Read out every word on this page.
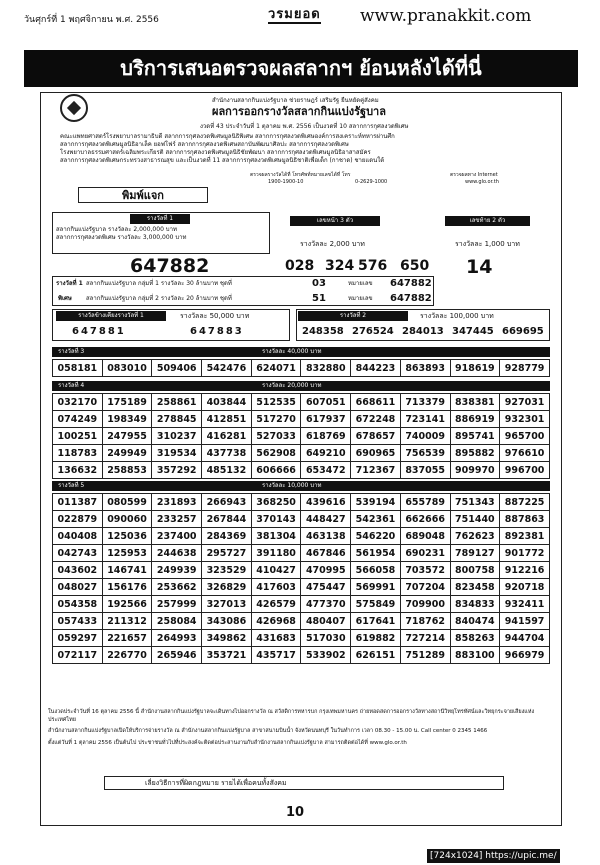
วันศุกร์ที่ 1 พฤศจิกายน พ.ศ. 2556	วรมยอด www.pranakkit.com
บริการเสนอตรวจผลสลากฯ ย้อนหลังได้ที่นี่
สำนักงานสลากกินแบ่งรัฐบาล ช่วยราษฎร์ เสริมรัฐ ยืนหยัดคู่สังคม
ผลการออกรางวัลสลากกินแบ่งรัฐบาล
งวดที่ 43 ประจำวันที่ 1 ตุลาคม พ.ศ. 2556 เป็นงวดที่ 10 สลากการกุศลงวดพิเศษ
คณะแพทยศาสตร์โรงพยาบาลรามาธิบดี สลากการกุศลงวดพิเศษมูลนิธิพิเศษ สลากการกุศลงวดพิเศษองค์การสงเคราะห์ทหารผ่านศึก
สลากการกุศลงวดพิเศษมูลนิธิอาเล็ค ยอฟโฟร์ สลากการกุศลงวดพิเศษสถาบันพัฒนาศิลปะ สลากการกุศลงวดพิเศษ
โรงพยาบาลธรรมศาสตร์เฉลิมพระเกียรติ สลากการกุศลงวดพิเศษมูลนิธิชัยพัฒนา สลากการกุศลงวดพิเศษมูลนิธิอาสาสมัคร
สลากการกุศลงวดพิเศษกระทรวงสาธารณสุข และเป็นงวดที่ 11 สลากการกุศลงวดพิเศษมูลนิธิชาติเพื่อเด็ก (กาชาด) ชายแดนใต้
ตรวจผลรางวัลได้ที่ โทรศัพท์หมายเลขได้ที่ โทร
1900-1900-10	0-2629-1000
ตรวจผลทาง Internet
www.glo.or.th
พิมพ์แจก
รางวัลที่ 1
สลากกินแบ่งรัฐบาล รางวัลละ 2,000,000 บาท
สลากการกุศลงวดพิเศษ รางวัลละ 3,000,000 บาท
647882
เลขหน้า 3 ตัว
รางวัลละ 2,000 บาท
028 324 576 650
เลขท้าย 2 ตัว
รางวัลละ 1,000 บาท
14
รางวัลที่ 1
พิเศษ
สลากกินแบ่งรัฐบาล กลุ่มที่ 1 รางวัลละ 30 ล้านบาท ชุดที่
สลากกินแบ่งรัฐบาล กลุ่มที่ 2 รางวัลละ 20 ล้านบาท ชุดที่
03
51
หมายเลข
หมายเลข
647882
647882
รางวัลข้างเคียงรางวัลที่ 1	รางวัลละ 50,000 บาท
647881	647883
รางวัลที่ 2	รางวัลละ 100,000 บาท
248358 276524 284013 347445 669695
รางวัลที่ 3	รางวัลละ 40,000 บาท
058181	083010	509406	542476	624071	832880	844223	863893	918619	928779
รางวัลที่ 4	รางวัลละ 20,000 บาท
032170	175189	258861	403844	512535	607051	668611	713379	838381	927031
074249	198349	278845	412851	517270	617937	672248	723141	886919	932301
100251	247955	310237	416281	527033	618769	678657	740009	895741	965700
118783	249949	319534	437738	562908	649210	690965	756539	895882	976610
136632	258853	357292	485132	606666	653472	712367	837055	909970	996700
รางวัลที่ 5	รางวัลละ 10,000 บาท
011387	080599	231893	266943	368250	439616	539194	655789	751343	887225
022879	090060	233257	267844	370143	448427	542361	662666	751440	887863
040408	125036	237400	284369	381304	463138	546220	689048	762623	892381
042743	125953	244638	295727	391180	467846	561954	690231	789127	901772
043602	146741	249939	323529	410427	470995	566058	703572	800758	912216
048027	156176	253662	326829	417603	475447	569991	707204	823458	920718
054358	192566	257999	327013	426579	477370	575849	709900	834833	932411
057433	211312	258084	343086	426968	480407	617641	718762	840474	941597
059297	221657	264993	349862	431683	517030	619882	727214	858263	944704
072117	226770	265946	353721	435717	533902	626151	751289	883100	966979

ในงวดประจำวันที่ 16 ตุลาคม 2556 นี้ สำนักงานสลากกินแบ่งรัฐบาลจะเดินทางไปออกรางวัล ณ สวัสดิการทหารบก กรุงเทพมหานคร ถ่ายทอดสดการออกรางวัลทางสถานีวิทยุโทรทัศน์และวิทยุกระจายเสียงแห่งประเทศไทย

สำนักงานสลากกินแบ่งรัฐบาลเปิดให้บริการจ่ายรางวัล ณ สำนักงานสลากกินแบ่งรัฐบาล สาขาสนามบินน้ำ จังหวัดนนทบุรี ในวันทำการ เวลา 08.30 - 15.00 น. Call center 0 2345 1466

ตั้งแต่วันที่ 1 ตุลาคม 2556 เป็นต้นไป ประชาชนทั่วไปที่ประสงค์จะติดต่อประสานงานกับสำนักงานสลากกินแบ่งรัฐบาล สามารถติดต่อได้ที่ www.glo.or.th

เลี่ยงวิธีการที่ผิดกฎหมาย รายได้เพื่อคนทั้งสังคม
10
[724x1024] https://upic.me/
